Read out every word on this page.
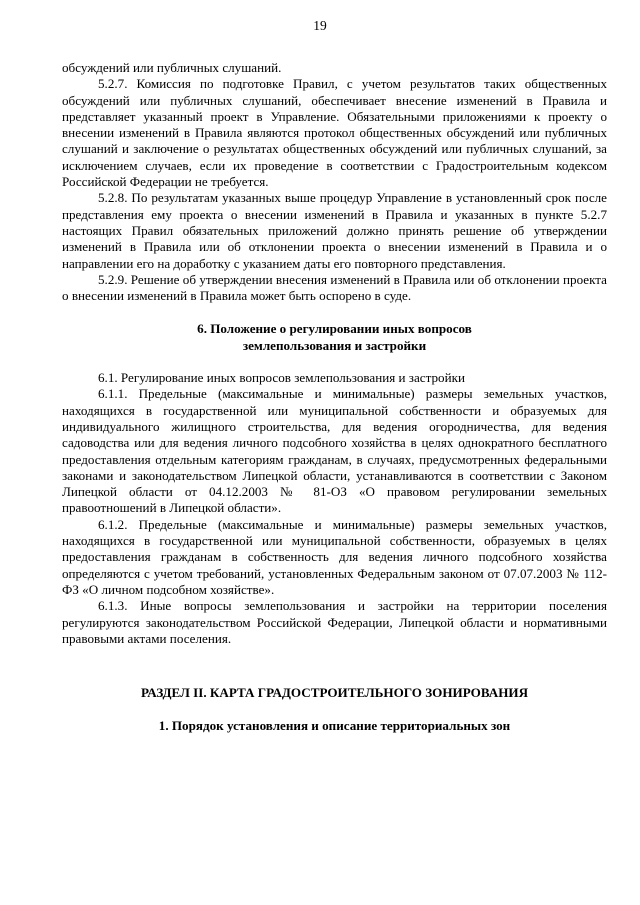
19

обсуждений или публичных слушаний.

5.2.7. Комиссия по подготовке Правил, с учетом результатов таких общественных обсуждений или публичных слушаний, обеспечивает внесение изменений в Правила и представляет указанный проект в Управление. Обязательными приложениями к проекту о внесении изменений в Правила являются протокол общественных обсуждений или публичных слушаний и заключение о результатах общественных обсуждений или публичных слушаний, за исключением случаев, если их проведение в соответствии с Градостроительным кодексом Российской Федерации не требуется.

5.2.8. По результатам указанных выше процедур Управление в установленный срок после представления ему проекта о внесении изменений в Правила и указанных в пункте 5.2.7 настоящих Правил обязательных приложений должно принять решение об утверждении изменений в Правила или об отклонении проекта о внесении изменений в Правила и о направлении его на доработку с указанием даты его повторного представления.

5.2.9. Решение об утверждении внесения изменений в Правила или об отклонении проекта о внесении изменений в Правила может быть оспорено в суде.

6. Положение о регулировании иных вопросов
землепользования и застройки

6.1. Регулирование иных вопросов землепользования и застройки

6.1.1. Предельные (максимальные и минимальные) размеры земельных участков, находящихся в государственной или муниципальной собственности и образуемых для индивидуального жилищного строительства, для ведения огородничества, для ведения садоводства или для ведения личного подсобного хозяйства в целях однократного бесплатного предоставления отдельным категориям гражданам, в случаях, предусмотренных федеральными законами и законодательством Липецкой области, устанавливаются в соответствии с Законом Липецкой области от 04.12.2003 № 81-ОЗ «О правовом регулировании земельных правоотношений в Липецкой области».

6.1.2. Предельные (максимальные и минимальные) размеры земельных участков, находящихся в государственной или муниципальной собственности, образуемых в целях предоставления гражданам в собственность для ведения личного подсобного хозяйства определяются с учетом требований, установленных Федеральным законом от 07.07.2003 № 112-ФЗ «О личном подсобном хозяйстве».

6.1.3. Иные вопросы землепользования и застройки на территории поселения регулируются законодательством Российской Федерации, Липецкой области и нормативными правовыми актами поселения.

РАЗДЕЛ II. КАРТА ГРАДОСТРОИТЕЛЬНОГО ЗОНИРОВАНИЯ
1. Порядок установления и описание территориальных зон
